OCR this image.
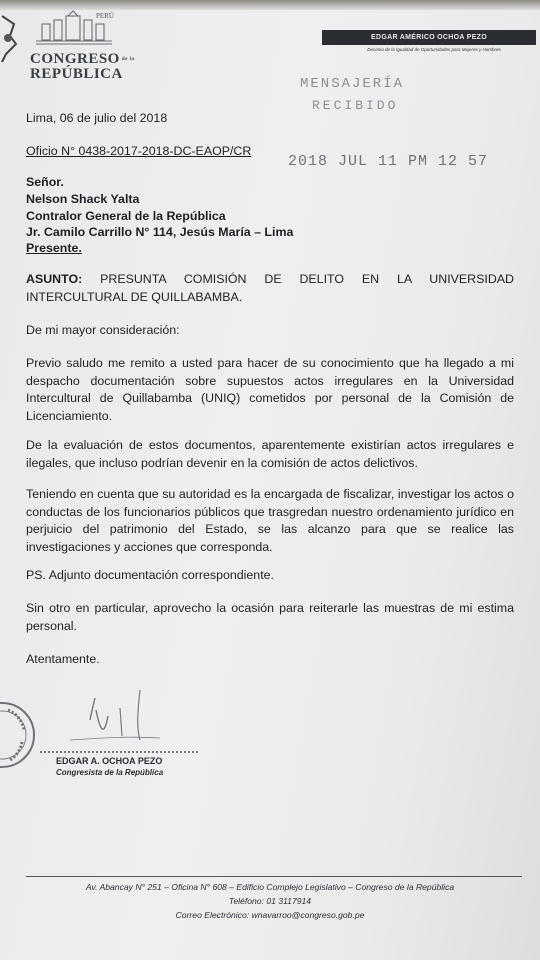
PERÚ
CONGRESO de la
REPÚBLICA
EDGAR AMÉRICO OCHOA PEZO
Decenio de la Igualdad de Oportunidades para Mujeres y Hombres
MENSAJERÍA
RECIBIDO
2018 JUL 11 PM 12 57
Lima, 06 de julio del 2018
Oficio N° 0438-2017-2018-DC-EAOP/CR
Señor.
Nelson Shack Yalta
Contralor General de la República
Jr. Camilo Carrillo N° 114, Jesús María – Lima
Presente.
ASUNTO: PRESUNTA COMISIÓN DE DELITO EN LA UNIVERSIDAD INTERCULTURAL DE QUILLABAMBA.
De mi mayor consideración:
Previo saludo me remito a usted para hacer de su conocimiento que ha llegado a mi despacho documentación sobre supuestos actos irregulares en la Universidad Intercultural de Quillabamba (UNIQ) cometidos por personal de la Comisión de Licenciamiento.
De la evaluación de estos documentos, aparentemente existirían actos irregulares e ilegales, que incluso podrían devenir en la comisión de actos delictivos.
Teniendo en cuenta que su autoridad es la encargada de fiscalizar, investigar los actos o conductas de los funcionarios públicos que trasgredan nuestro ordenamiento jurídico en perjuicio del patrimonio del Estado, se las alcanzo para que se realice las investigaciones y acciones que corresponda.
PS. Adjunto documentación correspondiente.
Sin otro en particular, aprovecho la ocasión para reiterarle las muestras de mi estima personal.
Atentamente.
EDGAR A. OCHOA PEZO
Congresista de la República
Av. Abancay N° 251 – Oficina N° 608 – Edificio Complejo Legislativo – Congreso de la República
Teléfono: 01 3117914
Correo Electrónico: wnavarroo@congreso.gob.pe
